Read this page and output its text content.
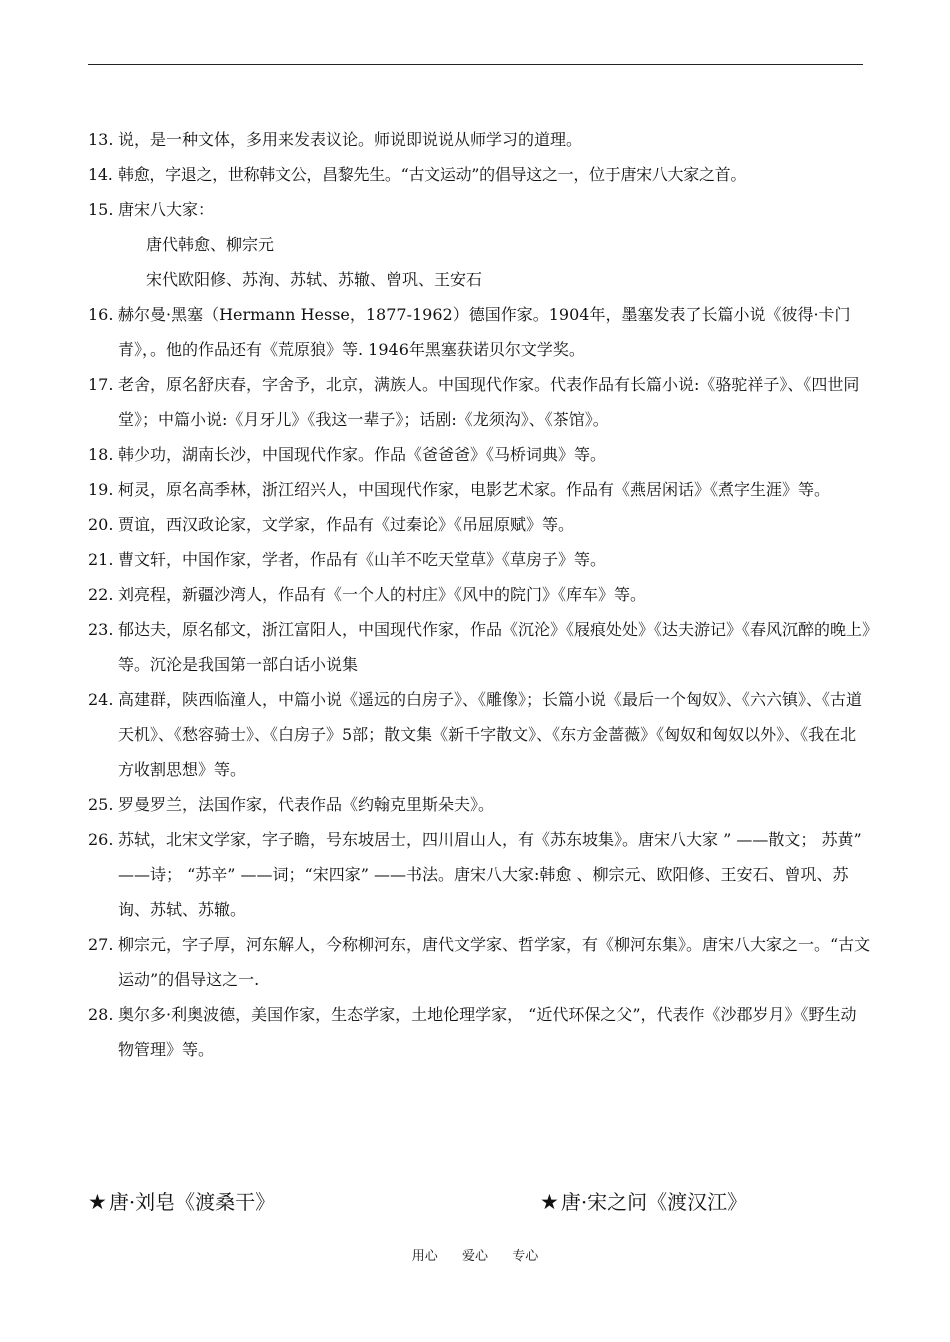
13. 说，是一种文体，多用来发表议论。师说即说说从师学习的道理。
14. 韩愈，字退之，世称韩文公，昌黎先生。“古文运动”的倡导这之一，位于唐宋八大家之首。
15. 唐宋八大家：
唐代韩愈、柳宗元
宋代欧阳修、苏洵、苏轼、苏辙、曾巩、王安石
16. 赫尔曼·黑塞（Hermann Hesse，1877-1962）德国作家。1904年，墨塞发表了长篇小说《彼得·卡门青》，。他的作品还有《荒原狼》等. 1946年黑塞获诺贝尔文学奖。
17. 老舍，原名舒庆春，字舍予，北京，满族人。中国现代作家。代表作品有长篇小说:《骆驼祥子》、《四世同堂》；中篇小说:《月牙儿》《我这一辈子》；话剧:《龙须沟》、《茶馆》。
18. 韩少功，湖南长沙，中国现代作家。作品《爸爸爸》《马桥词典》等。
19. 柯灵，原名高季林，浙江绍兴人，中国现代作家，电影艺术家。作品有《燕居闲话》《煮字生涯》等。
20. 贾谊，西汉政论家，文学家，作品有《过秦论》《吊屈原赋》等。
21. 曹文轩，中国作家，学者，作品有《山羊不吃天堂草》《草房子》等。
22. 刘亮程，新疆沙湾人，作品有《一个人的村庄》《风中的院门》《库车》等。
23. 郁达夫，原名郁文，浙江富阳人，中国现代作家，作品《沉沦》《屐痕处处》《达夫游记》《春风沉醉的晚上》等。沉沦是我国第一部白话小说集
24. 高建群，陕西临潼人，中篇小说《遥远的白房子》、《雕像》；长篇小说《最后一个匈奴》、《六六镇》、《古道天机》、《愁容骑士》、《白房子》5部；散文集《新千字散文》、《东方金蔷薇》《匈奴和匈奴以外》、《我在北方收割思想》等。
25. 罗曼罗兰，法国作家，代表作品《约翰克里斯朵夫》。
26. 苏轼，北宋文学家，字子瞻，号东坡居士，四川眉山人，有《苏东坡集》。唐宋八大家 ” ——散文； 苏黄” ——诗； “苏辛” ——词；“宋四家” ——书法。唐宋八大家:韩愈 、柳宗元、欧阳修、王安石、曾巩、苏询、苏轼、苏辙。
27. 柳宗元，字子厚，河东解人，今称柳河东，唐代文学家、哲学家，有《柳河东集》。唐宋八大家之一。“古文运动”的倡导这之一.
28. 奥尔多·利奥波德，美国作家，生态学家，土地伦理学家， “近代环保之父”，代表作《沙郡岁月》《野生动物管理》等。
★ 唐·刘皂《渡桑干》	★ 唐·宋之问《渡汉江》
用心  爱心  专心
